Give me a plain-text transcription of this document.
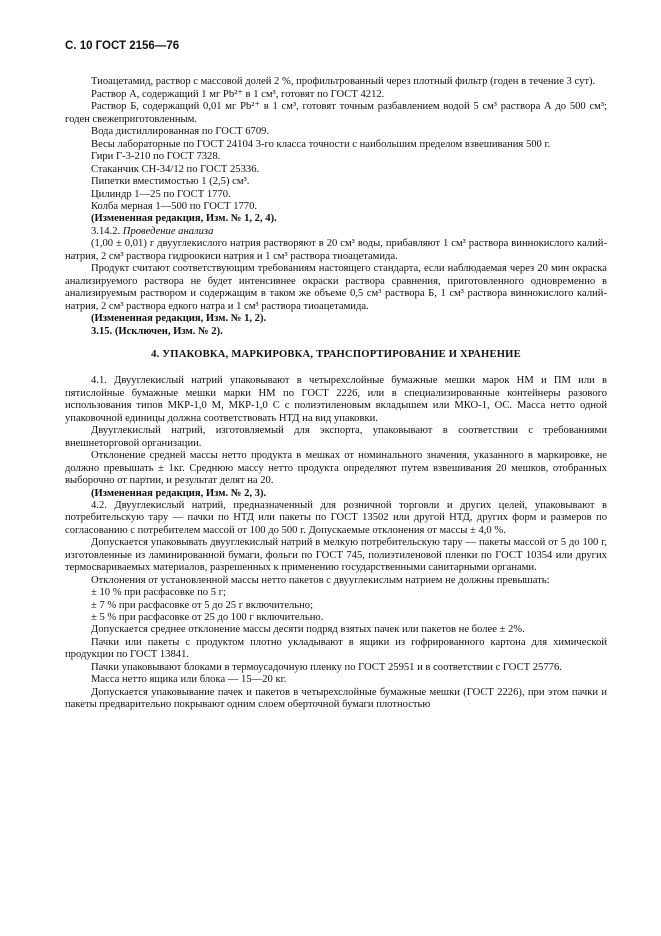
С. 10 ГОСТ 2156—76

Тиоацетамид, раствор с массовой долей 2 %, профильтрованный через плотный фильтр (годен в течение 3 сут).

Раствор А, содержащий 1 мг Pb²⁺ в 1 см³, готовят по ГОСТ 4212.

Раствор Б, содержащий 0,01 мг Pb²⁺ в 1 см³, готовят точным разбавлением водой 5 см³ раствора А до 500 см³; годен свежеприготовленным.

Вода дистиллированная по ГОСТ 6709.

Весы лабораторные по ГОСТ 24104 3-го класса точности с наибольшим пределом взвешивания 500 г.

Гири Г-3-210 по ГОСТ 7328.

Стаканчик СН-34/12 по ГОСТ 25336.

Пипетки вместимостью 1 (2,5) см³.

Цилиндр 1—25 по ГОСТ 1770.

Колба мерная 1—500 по ГОСТ 1770.

(Измененная редакция, Изм. № 1, 2, 4).

3.14.2. Проведение анализа

(1,00 ± 0,01) г двууглекислого натрия растворяют в 20 см³ воды, прибавляют 1 см³ раствора виннокислого калий-натрия, 2 см³ раствора гидроокиси натрия и 1 см³ раствора тиоацетамида.

Продукт считают соответствующим требованиям настоящего стандарта, если наблюдаемая через 20 мин окраска анализируемого раствора не будет интенсивнее окраски раствора сравнения, приготовленного одновременно в анализируемым раствором и содержащим в таком же объеме 0,5 см³ раствора Б, 1 см³ раствора виннокислого калий-натрия, 2 см³ раствора едкого натра и 1 см³ раствора тиоацетамида.

(Измененная редакция, Изм. № 1, 2).

3.15. (Исключен, Изм. № 2).

4. УПАКОВКА, МАРКИРОВКА, ТРАНСПОРТИРОВАНИЕ И ХРАНЕНИЕ

4.1. Двууглекислый натрий упаковывают в четырехслойные бумажные мешки марок НМ и ПМ или в пятислойные бумажные мешки марки НМ по ГОСТ 2226, или в специализированные контейнеры разового использования типов МКР-1,0 М, МКР-1,0 С с полиэтиленовым вкладышем или МКО-1, ОС. Масса нетто одной упаковочной единицы должна соответствовать НТД на вид упаковки.

Двууглекислый натрий, изготовляемый для экспорта, упаковывают в соответствии с требованиями внешнеторговой организации.

Отклонение средней массы нетто продукта в мешках от номинального значения, указанного в маркировке, не должно превышать ± 1кг. Среднюю массу нетто продукта определяют путем взвешивания 20 мешков, отобранных выборочно от партии, и результат делят на 20.

(Измененная редакция, Изм. № 2, 3).

4.2. Двууглекислый натрий, предназначенный для розничной торговли и других целей, упаковывают в потребительскую тару — пачки по НТД или пакеты по ГОСТ 13502 или другой НТД, других форм и размеров по согласованию с потребителем массой от 100 до 500 г. Допускаемые отклонения от массы ± 4,0 %.

Допускается упаковывать двууглекислый натрий в мелкую потребительскую тару — пакеты массой от 5 до 100 г, изготовленные из ламинированной бумаги, фольги по ГОСТ 745, полиэтиленовой пленки по ГОСТ 10354 или других термосвариваемых материалов, разрешенных к применению государственными санитарными органами.

Отклонения от установленной массы нетто пакетов с двууглекислым натрием не должны превышать:

± 10 % при расфасовке по 5 г;

± 7 % при расфасовке от 5 до 25 г включительно;

± 5 % при расфасовке от 25 до 100 г включительно.

Допускается среднее отклонение массы десяти подряд взятых пачек или пакетов не более ± 2%.

Пачки или пакеты с продуктом плотно укладывают в ящики из гофрированного картона для химической продукции по ГОСТ 13841.

Пачки упаковывают блоками в термоусадочную пленку по ГОСТ 25951 и в соответствии с ГОСТ 25776.

Масса нетто ящика или блока — 15—20 кг.

Допускается упаковывание пачек и пакетов в четырехслойные бумажные мешки (ГОСТ 2226), при этом пачки и пакеты предварительно покрывают одним слоем оберточной бумаги плотностью
